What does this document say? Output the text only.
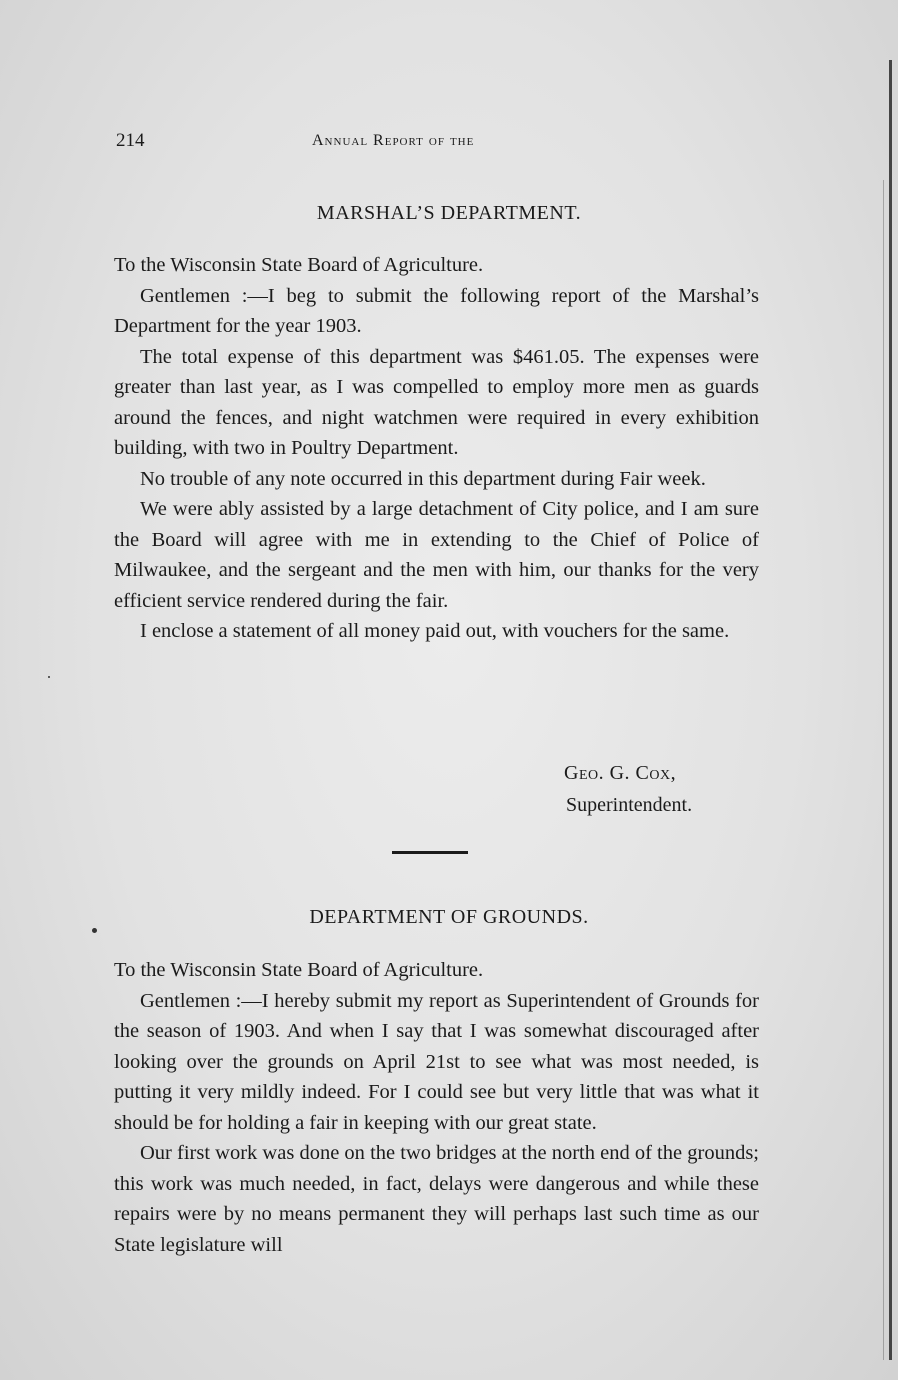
214	Annual Report of the
MARSHAL’S DEPARTMENT.

To the Wisconsin State Board of Agriculture.

Gentlemen :—I beg to submit the following report of the Marshal’s Department for the year 1903.

The total expense of this department was $461.05. The expenses were greater than last year, as I was compelled to employ more men as guards around the fences, and night watchmen were required in every exhibition building, with two in Poultry Department.

No trouble of any note occurred in this department during Fair week.

We were ably assisted by a large detachment of City police, and I am sure the Board will agree with me in extending to the Chief of Police of Milwaukee, and the sergeant and the men with him, our thanks for the very efficient service rendered during the fair.

I enclose a statement of all money paid out, with vouchers for the same.

Geo. G. Cox,
Superintendent.
DEPARTMENT OF GROUNDS.

To the Wisconsin State Board of Agriculture.

Gentlemen :—I hereby submit my report as Superintendent of Grounds for the season of 1903. And when I say that I was somewhat discouraged after looking over the grounds on April 21st to see what was most needed, is putting it very mildly indeed. For I could see but very little that was what it should be for holding a fair in keeping with our great state.

Our first work was done on the two bridges at the north end of the grounds; this work was much needed, in fact, delays were dangerous and while these repairs were by no means permanent they will perhaps last such time as our State legislature will
